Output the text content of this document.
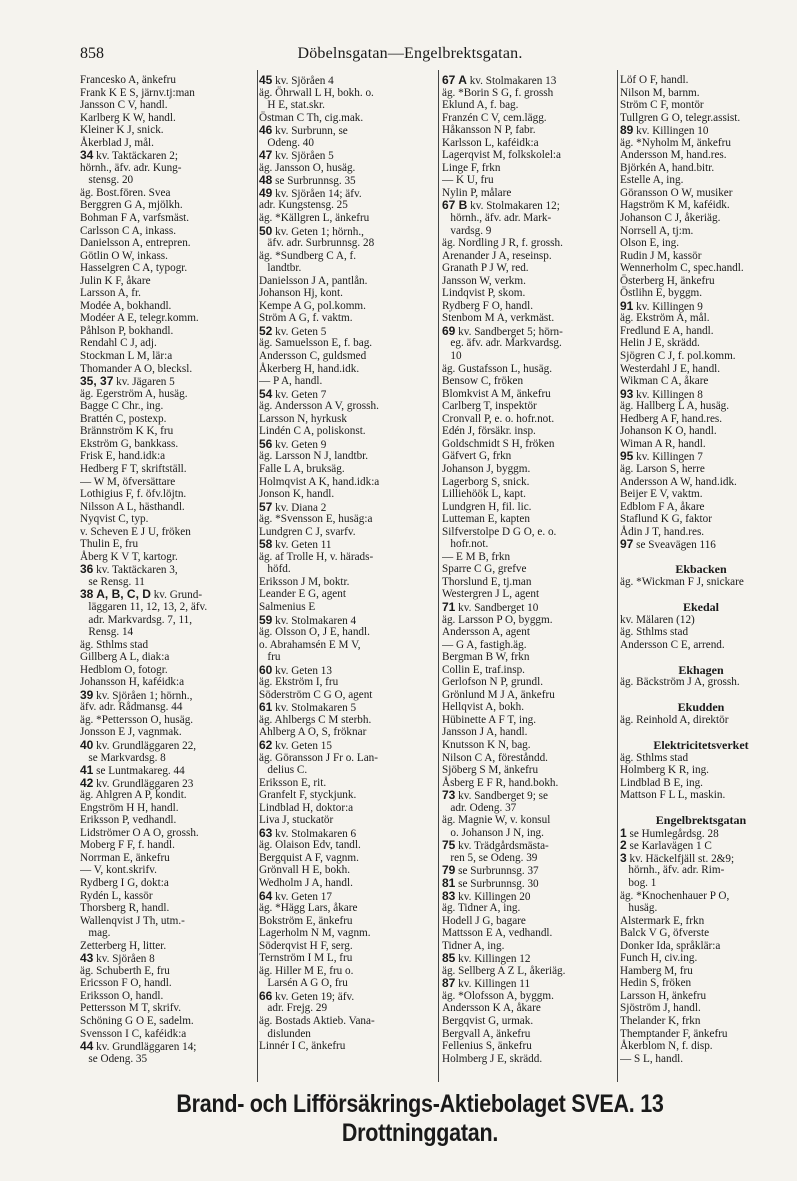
858	Döbelnsgatan—Engelbrektsgatan.
Francesko A, änkefru
Frank K E S, järnv.tj:man
Jansson C V, handl.
Karlberg K W, handl.
Kleiner K J, snick.
Åkerblad J, mål.
34 kv. Taktäckaren 2;
hörnh., äfv. adr. Kung-
stensg. 20
äg. Bost.fören. Svea
Berggren G A, mjölkh.
Bohman F A, varfsmäst.
Carlsson C A, inkass.
Danielsson A, entrepren.
Götlin O W, inkass.
Hasselgren C A, typogr.
Julin K F, åkare
Larsson A, fr.
Modée A, bokhandl.
Modéer A E, telegr.komm.
Påhlson P, bokhandl.
Rendahl C J, adj.
Stockman L M, lär:a
Thomander A O, blecksl.
35, 37 kv. Jägaren 5
äg. Egerström A, husäg.
Bagge C Chr., ing.
Brattén C, postexp.
Brännström K K, fru
Ekström G, bankkass.
Frisk E, hand.idk:a
Hedberg F T, skriftställ.
— W M, öfversättare
Lothigius F, f. öfv.löjtn.
Nilsson A L, hästhandl.
Nyqvist C, typ.
v. Scheven E J U, fröken
Thulin E, fru
Åberg K V T, kartogr.
36 kv. Taktäckaren 3,
se Rensg. 11
38 A, B, C, D kv. Grund-
läggaren 11, 12, 13, 2, äfv.
adr. Markvardsg. 7, 11,
Rensg. 14
äg. Sthlms stad
Gillberg A L, diak:a
Hedblom O, fotogr.
Johansson H, kaféidk:a
39 kv. Sjöråen 1; hörnh.,
äfv. adr. Rådmansg. 44
äg. *Pettersson O, husäg.
Jonsson E J, vagnmak.
40 kv. Grundläggaren 22,
se Markvardsg. 8
41 se Luntmakareg. 44
42 kv. Grundläggaren 23
äg. Ahlgren A P, kondit.
Engström H H, handl.
Eriksson P, vedhandl.
Lidströmer O A O, grossh.
Moberg F F, f. handl.
Norrman E, änkefru
— V, kont.skrifv.
Rydberg I G, dokt:a
Rydén L, kassör
Thorsberg R, handl.
Wallenqvist J Th, utm.-
mag.
Zetterberg H, litter.
43 kv. Sjöråen 8
äg. Schuberth E, fru
Ericsson F O, handl.
Eriksson O, handl.
Pettersson M T, skrifv.
Schöning G O E, sadelm.
Svensson I C, kaféidk:a
44 kv. Grundläggaren 14;
se Odeng. 35
45 kv. Sjöråen 4
äg. Öhrwall L H, bokh. o.
H E, stat.skr.
Östman C Th, cig.mak.
46 kv. Surbrunn, se
Odeng. 40
47 kv. Sjöråen 5
äg. Jansson O, husäg.
48 se Surbrunnsg. 35
49 kv. Sjöråen 14; äfv.
adr. Kungstensg. 25
äg. *Källgren L, änkefru
50 kv. Geten 1; hörnh.,
äfv. adr. Surbrunnsg. 28
äg. *Sundberg C A, f.
landtbr.
Danielsson J A, pantlån.
Johanson Hj, kont.
Kempe A G, pol.komm.
Ström A G, f. vaktm.
52 kv. Geten 5
äg. Samuelsson E, f. bag.
Andersson C, guldsmed
Åkerberg H, hand.idk.
— P A, handl.
54 kv. Geten 7
äg. Andersson A V, grossh.
Larsson N, hyrkusk
Lindén C A, poliskonst.
56 kv. Geten 9
äg. Larsson N J, landtbr.
Falle L A, bruksäg.
Holmqvist A K, hand.idk:a
Jonson K, handl.
57 kv. Diana 2
äg. *Svensson E, husäg:a
Lundgren C J, svarfv.
58 kv. Geten 11
äg. af Trolle H, v. härads-
höfd.
Eriksson J M, boktr.
Leander E G, agent
Salmenius E
59 kv. Stolmakaren 4
äg. Olsson O, J E, handl.
o. Abrahamsén E M V,
fru
60 kv. Geten 13
äg. Ekström I, fru
Söderström C G O, agent
61 kv. Stolmakaren 5
äg. Ahlbergs C M sterbh.
Ahlberg A O, S, fröknar
62 kv. Geten 15
äg. Göransson J Fr o. Lan-
delius C.
Eriksson E, rit.
Granfelt F, styckjunk.
Lindblad H, doktor:a
Liva J, stuckatör
63 kv. Stolmakaren 6
äg. Olaison Edv, tandl.
Bergquist A F, vagnm.
Grönvall H E, bokh.
Wedholm J A, handl.
64 kv. Geten 17
äg. *Hägg Lars, åkare
Bokström E, änkefru
Lagerholm N M, vagnm.
Söderqvist H F, serg.
Ternström I M L, fru
äg. Hiller M E, fru o.
Larsén A G O, fru
66 kv. Geten 19; äfv.
adr. Frejg. 29
äg. Bostads Aktieb. Vana-
dislunden
Linnér I C, änkefru
67 A kv. Stolmakaren 13
äg. *Borin S G, f. grossh
Eklund A, f. bag.
Franzén C V, cem.lägg.
Håkansson N P, fabr.
Karlsson L, kaféidk:a
Lagerqvist M, folkskolel:a
Linge F, frkn
— K U, fru
Nylin P, målare
67 B kv. Stolmakaren 12;
hörnh., äfv. adr. Mark-
vardsg. 9
äg. Nordling J R, f. grossh.
Arenander J A, reseinsp.
Granath P J W, red.
Jansson W, verkm.
Lindqvist P, skom.
Rydberg F O, handl.
Stenbom M A, verkmäst.
69 kv. Sandberget 5; hörn-
eg. äfv. adr. Markvardsg.
10
äg. Gustafsson L, husäg.
Bensow C, fröken
Blomkvist A M, änkefru
Carlberg T, inspektör
Cronvall P, e. o. hofr.not.
Edén J, försäkr. insp.
Goldschmidt S H, fröken
Gäfvert G, frkn
Johanson J, byggm.
Lagerborg S, snick.
Lilliehöök L, kapt.
Lundgren H, fil. lic.
Lutteman E, kapten
Silfverstolpe D G O, e. o.
hofr.not.
— E M B, frkn
Sparre C G, grefve
Thorslund E, tj.man
Westergren J L, agent
71 kv. Sandberget 10
äg. Larsson P O, byggm.
Andersson A, agent
— G A, fastigh.äg.
Bergman B W, frkn
Collin E, traf.insp.
Gerlofson N P, grundl.
Grönlund M J A, änkefru
Hellqvist A, bokh.
Hübinette A F T, ing.
Jansson J A, handl.
Knutsson K N, bag.
Nilson C A, föreståndd.
Sjöberg S M, änkefru
Åsberg E F R, hand.bokh.
73 kv. Sandberget 9; se
adr. Odeng. 37
äg. Magnie W, v. konsul
o. Johanson J N, ing.
75 kv. Trädgårdsmästa-
ren 5, se Odeng. 39
79 se Surbrunnsg. 37
81 se Surbrunnsg. 30
83 kv. Killingen 20
äg. Tidner A, ing.
Hodell J G, bagare
Mattsson E A, vedhandl.
Tidner A, ing.
85 kv. Killingen 12
äg. Sellberg A Z L, åkeriäg.
87 kv. Killingen 11
äg. *Olofsson A, byggm.
Andersson K A, åkare
Bergqvist G, urmak.
Bergvall A, änkefru
Fellenius S, änkefru
Holmberg J E, skrädd.
Löf O F, handl.
Nilson M, barnm.
Ström C F, montör
Tullgren G O, telegr.assist.
89 kv. Killingen 10
äg. *Nyholm M, änkefru
Andersson M, hand.res.
Björkén A, hand.bitr.
Estelle A, ing.
Göransson O W, musiker
Hagström K M, kaféidk.
Johanson C J, åkeriäg.
Norrsell A, tj:m.
Olson E, ing.
Rudin J M, kassör
Wennerholm C, spec.handl.
Österberg H, änkefru
Östlihn E, byggm.
91 kv. Killingen 9
äg. Ekström A, mål.
Fredlund E A, handl.
Helin J E, skrädd.
Sjögren C J, f. pol.komm.
Westerdahl J E, handl.
Wikman C A, åkare
93 kv. Killingen 8
äg. Hallberg L A, husäg.
Hedberg A F, hand.res.
Johanson K O, handl.
Wiman A R, handl.
95 kv. Killingen 7
äg. Larson S, herre
Andersson A W, hand.idk.
Beijer E V, vaktm.
Edblom F A, åkare
Staflund K G, faktor
Ådin J T, hand.res.
97 se Sveavägen 116
Ekbacken
äg. *Wickman F J, snickare
Ekedal
kv. Mälaren (12)
äg. Sthlms stad
Andersson C E, arrend.
Ekhagen
äg. Bäckström J A, grossh.
Ekudden
äg. Reinhold A, direktör
Elektricitetsverket
äg. Sthlms stad
Holmberg K R, ing.
Lindblad B E, ing.
Mattson F L L, maskin.
Engelbrektsgatan
1 se Humlegårdsg. 28
2 se Karlavägen 1 C
3 kv. Häckelfjäll st. 2&9;
hörnh., äfv. adr. Rim-
bog. 1
äg. *Knochenhauer P O,
husäg.
Alstermark E, frkn
Balck V G, öfverste
Donker Ida, språklär:a
Funch H, civ.ing.
Hamberg M, fru
Hedin S, fröken
Larsson H, änkefru
Sjöström J, handl.
Thelander K, frkn
Themptander F, änkefru
Åkerblom N, f. disp.
— S L, handl.
Brand- och Lifförsäkrings-Aktiebolaget SVEA. 13 Drottninggatan.
